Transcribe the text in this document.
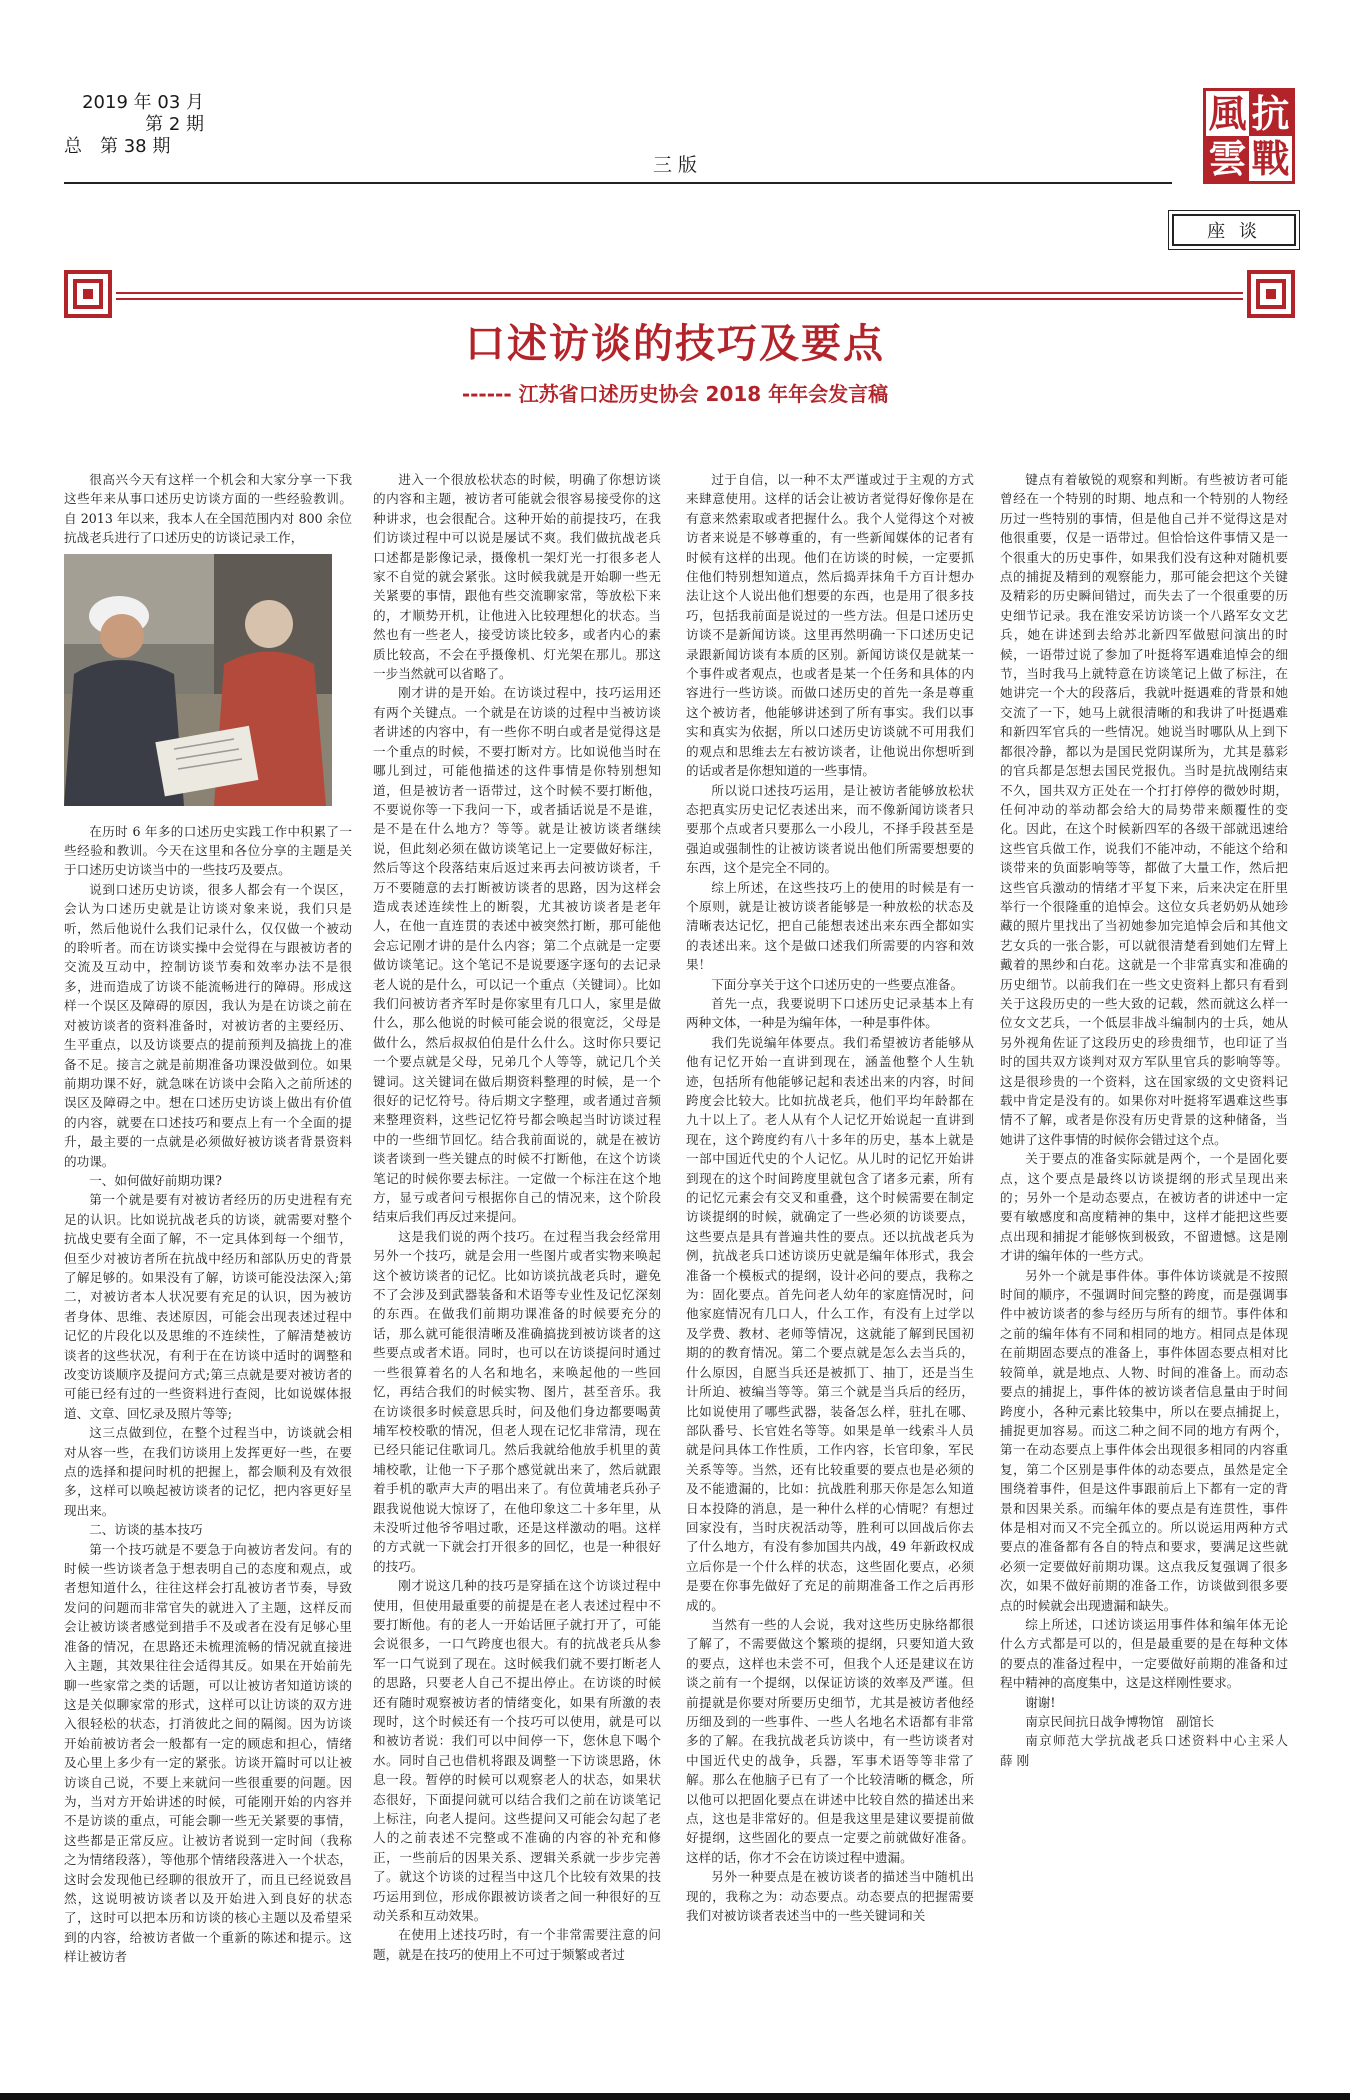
2019 年 03 月
第 2 期
总　第 38 期
三 版
風 抗
雲 戰
座 谈
口述访谈的技巧及要点
------ 江苏省口述历史协会 2018 年年会发言稿

很高兴今天有这样一个机会和大家分享一下我这些年来从事口述历史访谈方面的一些经验教训。自 2013 年以来，我本人在全国范围内对 800 余位抗战老兵进行了口述历史的访谈记录工作，

在历时 6 年多的口述历史实践工作中积累了一些经验和教训。今天在这里和各位分享的主题是关于口述历史访谈当中的一些技巧及要点。

说到口述历史访谈，很多人都会有一个误区，会认为口述历史就是让访谈对象来说，我们只是听，然后他说什么我们记录什么，仅仅做一个被动的聆听者。而在访谈实操中会觉得在与跟被访者的交流及互动中，控制访谈节奏和效率办法不是很多，进而造成了访谈不能流畅进行的障碍。形成这样一个误区及障碍的原因，我认为是在访谈之前在对被访谈者的资料准备时，对被访者的主要经历、生平重点，以及访谈要点的提前预判及搞拢上的准备不足。接言之就是前期准备功课没做到位。如果前期功课不好，就急咪在访谈中会陷入之前所述的误区及障碍之中。想在口述历史访谈上做出有价值的内容，就要在口述技巧和要点上有一个全面的提升，最主要的一点就是必须做好被访谈者背景资料的功课。

一、如何做好前期功课?

第一个就是要有对被访者经历的历史进程有充足的认识。比如说抗战老兵的访谈，就需要对整个抗战史要有全面了解，不一定具体到每一个细节，但至少对被访者所在抗战中经历和部队历史的背景了解足够的。如果没有了解，访谈可能没法深入;第二，对被访者本人状况要有充足的认识，因为被访者身体、思维、表述原因，可能会出现表述过程中记忆的片段化以及思维的不连续性，了解清楚被访谈者的这些状况，有利于在在访谈中适时的调整和改变访谈顺序及提问方式;第三点就是要对被访者的可能已经有过的一些资料进行查阅，比如说媒体报道、文章、回忆录及照片等等;

这三点做到位，在整个过程当中，访谈就会相对从容一些，在我们访谈用上发挥更好一些，在要点的选择和提问时机的把握上，都会顺利及有效很多，这样可以唤起被访谈者的记忆，把内容更好呈现出来。

二、访谈的基本技巧

第一个技巧就是不要急于向被访者发问。有的时候一些访谈者急于想表明自己的态度和观点，或者想知道什么，往往这样会打乱被访者节奏，导致发问的问题而非常官失的就进入了主题，这样反而会让被访谈者感觉到措手不及或者在没有足够心里准备的情况，在思路还未梳理流畅的情况就直接进入主题，其效果往往会适得其反。如果在开始前先聊一些家常之类的话题，可以让被访者知道访谈的这是关似聊家常的形式，这样可以让访谈的双方进入很轻松的状态，打消彼此之间的隔阂。因为访谈开始前被访者会一般都有一定的顾虑和担心，情绪及心里上多少有一定的紧张。访谈开篇时可以让被访谈自己说，不要上来就问一些很重要的问题。因为，当对方开始讲述的时候，可能刚开始的内容并不是访谈的重点，可能会聊一些无关紧要的事情，这些都是正常反应。让被访者说到一定时间（我称之为情绪段落），等他那个情绪段落进入一个状态，这时会发现他已经聊的很放开了，而且已经说致昌然，这说明被访谈者以及开始进入到良好的状态了，这时可以把本历和访谈的核心主题以及希望采到的内容，给被访者做一个重新的陈述和提示。这样让被访者

进入一个很放松状态的时候，明确了你想访谈的内容和主题，被访者可能就会很容易接受你的这种讲求，也会很配合。这种开始的前提技巧，在我们访谈过程中可以说是屡试不爽。我们做抗战老兵口述都是影像记录，摄像机一架灯光一打很多老人家不自觉的就会紧张。这时候我就是开始聊一些无关紧要的事情，跟他有些交流聊家常，等放松下来的，才顺势开机，让他进入比较理想化的状态。当然也有一些老人，接受访谈比较多，或者内心的素质比较高，不会在乎摄像机、灯光架在那儿。那这一步当然就可以省略了。

刚才讲的是开始。在访谈过程中，技巧运用还有两个关键点。一个就是在访谈的过程中当被访谈者讲述的内容中，有一些你不明白或者是觉得这是一个重点的时候，不要打断对方。比如说他当时在哪儿到过，可能他描述的这件事情是你特别想知道，但是被访者一语带过，这个时候不要打断他，不要说你等一下我问一下，或者插话说是不是谁，是不是在什么地方？等等。就是让被访谈者继续说，但此刻必须在做访谈笔记上一定要做好标注，然后等这个段落结束后返过来再去问被访谈者，千万不要随意的去打断被访谈者的思路，因为这样会造成表述连续性上的断裂，尤其被访谈者是老年人，在他一直连贯的表述中被突然打断，那可能他会忘记刚才讲的是什么内容；第二个点就是一定要做访谈笔记。这个笔记不是说要逐字逐句的去记录老人说的是什么，可以记一个重点（关键词）。比如我们问被访者齐军时是你家里有几口人，家里是做什么，那么他说的时候可能会说的很宽泛，父母是做什么，然后叔叔伯伯是什么什么。这时你只要记一个要点就是父母，兄弟几个人等等，就记几个关键词。这关键词在做后期资料整理的时候，是一个很好的记忆符号。待后期文字整理，或者通过音频来整理资料，这些记忆符号都会唤起当时访谈过程中的一些细节回忆。结合我前面说的，就是在被访谈者谈到一些关键点的时候不打断他，在这个访谈笔记的时候你要去标注。一定做一个标注在这个地方，显亏或者问亏根据你自己的情况来，这个阶段结束后我们再反过来提问。

这是我们说的两个技巧。在过程当我会经常用另外一个技巧，就是会用一些图片或者实物来唤起这个被访谈者的记忆。比如访谈抗战老兵时，避免不了会涉及到武器装备和术语等专业性及记忆深刻的东西。在做我们前期功课准备的时候要充分的话，那么就可能很清晰及准确搞拢到被访谈者的这些要点或者术语。同时，也可以在访谈提问时通过一些很算着名的人名和地名，来唤起他的一些回忆，再结合我们的时候实物、图片，甚至音乐。我在访谈很多时候意思兵时，问及他们身边都要喝黄埔军校校歌的情况，但老人现在记忆非常清，现在已经只能记住歌词几。然后我就给他放手机里的黄埔校歌，让他一下子那个感觉就出来了，然后就跟着手机的歌声大声的唱出来了。有位黄埔老兵孙子跟我说他说大惊讶了，在他印象这二十多年里，从未没听过他爷爷唱过歌，还是这样激动的唱。这样的方式就一下就会打开很多的回忆，也是一种很好的技巧。

刚才说这几种的技巧是穿插在这个访谈过程中使用，但使用最重要的前提是在老人表述过程中不要打断他。有的老人一开始话匣子就打开了，可能会说很多，一口气跨度也很大。有的抗战老兵从参军一口气说到了现在。这时候我们就不要打断老人的思路，只要老人自己不提出停止。在访谈的时候还有随时观察被访者的情绪变化，如果有所激的表现时，这个时候还有一个技巧可以使用，就是可以和被访者说：我们可以中间停一下，您休息下喝个水。同时自己也借机将跟及调整一下访谈思路，休息一段。暂停的时候可以观察老人的状态，如果状态很好，下面提问就可以结合我们之前在访谈笔记上标注，向老人提问。这些提问又可能会勾起了老人的之前表述不完整或不准确的内容的补充和修正，一些前后的因果关系、逻辑关系就一步步完善了。就这个访谈的过程当中这几个比较有效果的技巧运用到位，形成你跟被访谈者之间一种很好的互动关系和互动效果。

在使用上述技巧时，有一个非常需要注意的问题，就是在技巧的使用上不可过于频繁或者过

过于自信，以一种不太严谨或过于主观的方式来肆意使用。这样的话会让被访者觉得好像你是在有意来然索取或者把握什么。我个人觉得这个对被访者来说是不够尊重的，有一些新闻媒体的记者有时候有这样的出现。他们在访谈的时候，一定要抓住他们特别想知道点，然后捣弄抹角千方百计想办法让这个人说出他们想要的东西，也是用了很多技巧，包括我前面是说过的一些方法。但是口述历史访谈不是新闻访谈。这里再然明确一下口述历史记录跟新闻访谈有本质的区别。新闻访谈仅是就某一个事件或者观点，也或者是某一个任务和具体的内容进行一些访谈。而做口述历史的首先一条是尊重这个被访者，他能够讲述到了所有事实。我们以事实和真实为依据，所以口述历史访谈就不可用我们的观点和思维去左右被访谈者，让他说出你想听到的话或者是你想知道的一些事情。

所以说口述技巧运用，是让被访者能够放松状态把真实历史记忆表述出来，而不像新闻访谈者只要那个点或者只要那么一小段儿，不择手段甚至是强迫或强制性的让被访谈者说出他们所需要想要的东西，这个是完全不同的。

综上所述，在这些技巧上的使用的时候是有一个原则，就是让被访谈者能够是一种放松的状态及清晰表达记忆，把自己能想表述出来东西全都如实的表述出来。这个是做口述我们所需要的内容和效果！

下面分享关于这个口述历史的一些要点准备。

首先一点，我要说明下口述历史记录基本上有两种文体，一种是为编年体，一种是事件体。

我们先说编年体要点。我们希望被访者能够从他有记忆开始一直讲到现在，涵盖他整个人生轨迹，包括所有他能够记起和表述出来的内容，时间跨度会比较大。比如抗战老兵，他们平均年龄都在九十以上了。老人从有个人记忆开始说起一直讲到现在，这个跨度约有八十多年的历史，基本上就是一部中国近代史的个人记忆。从儿时的记忆开始讲到现在的这个时间跨度里就包含了诸多元素，所有的记忆元素会有交叉和重叠，这个时候需要在制定访谈提纲的时候，就确定了一些必须的访谈要点，这些要点是具有普遍共性的要点。还以抗战老兵为例，抗战老兵口述访谈历史就是编年体形式，我会准备一个模板式的提纲，设计必问的要点，我称之为：固化要点。首先问老人幼年的家庭情况时，问他家庭情况有几口人，什么工作，有没有上过学以及学费、教材、老师等情况，这就能了解到民国初期的的教育情况。第二个要点就是怎么去当兵的，什么原因，自愿当兵还是被抓丁、抽丁，还是当生计所迫、被编当等等。第三个就是当兵后的经历，比如说使用了哪些武器，装备怎么样，驻扎在哪、部队番号、长官姓名等等。如果是单一线索斗人员就是问具体工作性质，工作内容，长官印象，军民关系等等。当然，还有比较重要的要点也是必须的及不能遗漏的，比如：抗战胜利那天你是怎么知道日本投降的消息，是一种什么样的心情呢？有想过回家没有，当时庆祝活动等，胜利可以回战后你去了什么地方，有没有参加国共内战，49 年新政权成立后你是一个什么样的状态，这些固化要点，必须是要在你事先做好了充足的前期准备工作之后再形成的。

当然有一些的人会说，我对这些历史脉络都很了解了，不需要做这个繁琐的提纲，只要知道大致的要点，这样也未尝不可，但我个人还是建议在访谈之前有一个提纲，以保证访谈的效率及严谨。但前提就是你要对所要历史细节，尤其是被访者他经历细及到的一些事件、一些人名地名术语都有非常多的了解。在我抗战老兵访谈中，有一些访谈者对中国近代史的战争，兵器，军事术语等等非常了解。那么在他脑子已有了一个比较清晰的概念，所以他可以把固化要点在讲述中比较自然的描述出来点，这也是非常好的。但是我这里是建议要提前做好提纲，这些固化的要点一定要之前就做好准备。这样的话，你才不会在访谈过程中遗漏。

另外一种要点是在被访谈者的描述当中随机出现的，我称之为：动态要点。动态要点的把握需要我们对被访谈者表述当中的一些关键词和关

键点有着敏锐的观察和判断。有些被访者可能曾经在一个特别的时期、地点和一个特别的人物经历过一些特别的事情，但是他自己并不觉得这是对他很重要，仅是一语带过。但恰恰这件事情又是一个很重大的历史事件，如果我们没有这种对随机要点的捕捉及精到的观察能力，那可能会把这个关键及精彩的历史瞬间错过，而失去了一个很重要的历史细节记录。我在淮安采访访谈一个八路军女文艺兵，她在讲述到去给苏北新四军做慰问演出的时候，一语带过说了参加了叶挺将军遇难追悼会的细节，当时我马上就特意在访谈笔记上做了标注，在她讲完一个大的段落后，我就叶挺遇难的背景和她交流了一下，她马上就很清晰的和我讲了叶挺遇难和新四军官兵的一些情况。她说当时哪队从上到下都很冷静，都以为是国民党阴谋所为，尤其是慕彩的官兵都是怎想去国民党报仇。当时是抗战刚结束不久，国共双方正处在一个打打停停的微妙时期，任何冲动的举动都会给大的局势带来颇覆性的变化。因此，在这个时候新四军的各级干部就迅速给这些官兵做工作，说我们不能冲动，不能这个给和谈带来的负面影响等等，都做了大量工作，然后把这些官兵激动的情绪才平复下来，后来决定在肝里举行一个很隆重的追悼会。这位女兵老奶奶从她珍藏的照片里找出了当初她参加完追悼会后和其他文艺女兵的一张合影，可以就很清楚看到她们左臂上戴着的黑纱和白花。这就是一个非常真实和准确的历史细节。以前我们在一些文史资料上都只有看到关于这段历史的一些大致的记载，然而就这么样一位女文艺兵，一个低层非战斗编制内的士兵，她从另外视角佐证了这段历史的珍贵细节，也印证了当时的国共双方谈判对双方军队里官兵的影响等等。这是很珍贵的一个资料，这在国家级的文史资料记载中肯定是没有的。如果你对叶挺将军遇难这些事情不了解，或者是你没有历史背景的这种储备，当她讲了这件事情的时候你会错过这个点。

关于要点的准备实际就是两个，一个是固化要点，这个要点是最终以访谈提纲的形式呈现出来的；另外一个是动态要点，在被访者的讲述中一定要有敏感度和高度精神的集中，这样才能把这些要点出现和捕捉才能够恢到极致，不留遗憾。这是刚才讲的编年体的一些方式。

另外一个就是事件体。事件体访谈就是不按照时间的顺序，不强调时间完整的跨度，而是强调事件中被访谈者的参与经历与所有的细节。事件体和之前的编年体有不同和相同的地方。相同点是体现在前期固态要点的准备上，事件体固态要点相对比较简单，就是地点、人物、时间的准备上。而动态要点的捕捉上，事件体的被访谈者信息量由于时间跨度小，各种元素比较集中，所以在要点捕捉上，捕捉更加容易。而这二种之间不同的地方有两个，第一在动态要点上事件体会出现很多相同的内容重复，第二个区别是事件体的动态要点，虽然是定全围绕着事件，但是这件事跟前后上下都有一定的背景和因果关系。而编年体的要点是有连贯性，事件体是相对而又不完全孤立的。所以说运用两种方式要点的准备都有各自的特点和要求，要满足这些就必须一定要做好前期功课。这点我反复强调了很多次，如果不做好前期的准备工作，访谈做到很多要点的时候就会出现遗漏和缺失。

综上所述，口述访谈运用事件体和编年体无论什么方式都是可以的，但是最重要的是在每种文体的要点的准备过程中，一定要做好前期的准备和过程中精神的高度集中，这是这样刚性要求。

谢谢!

南京民间抗日战争博物馆　副馆长

南京师范大学抗战老兵口述资料中心主采人　薛 刚
